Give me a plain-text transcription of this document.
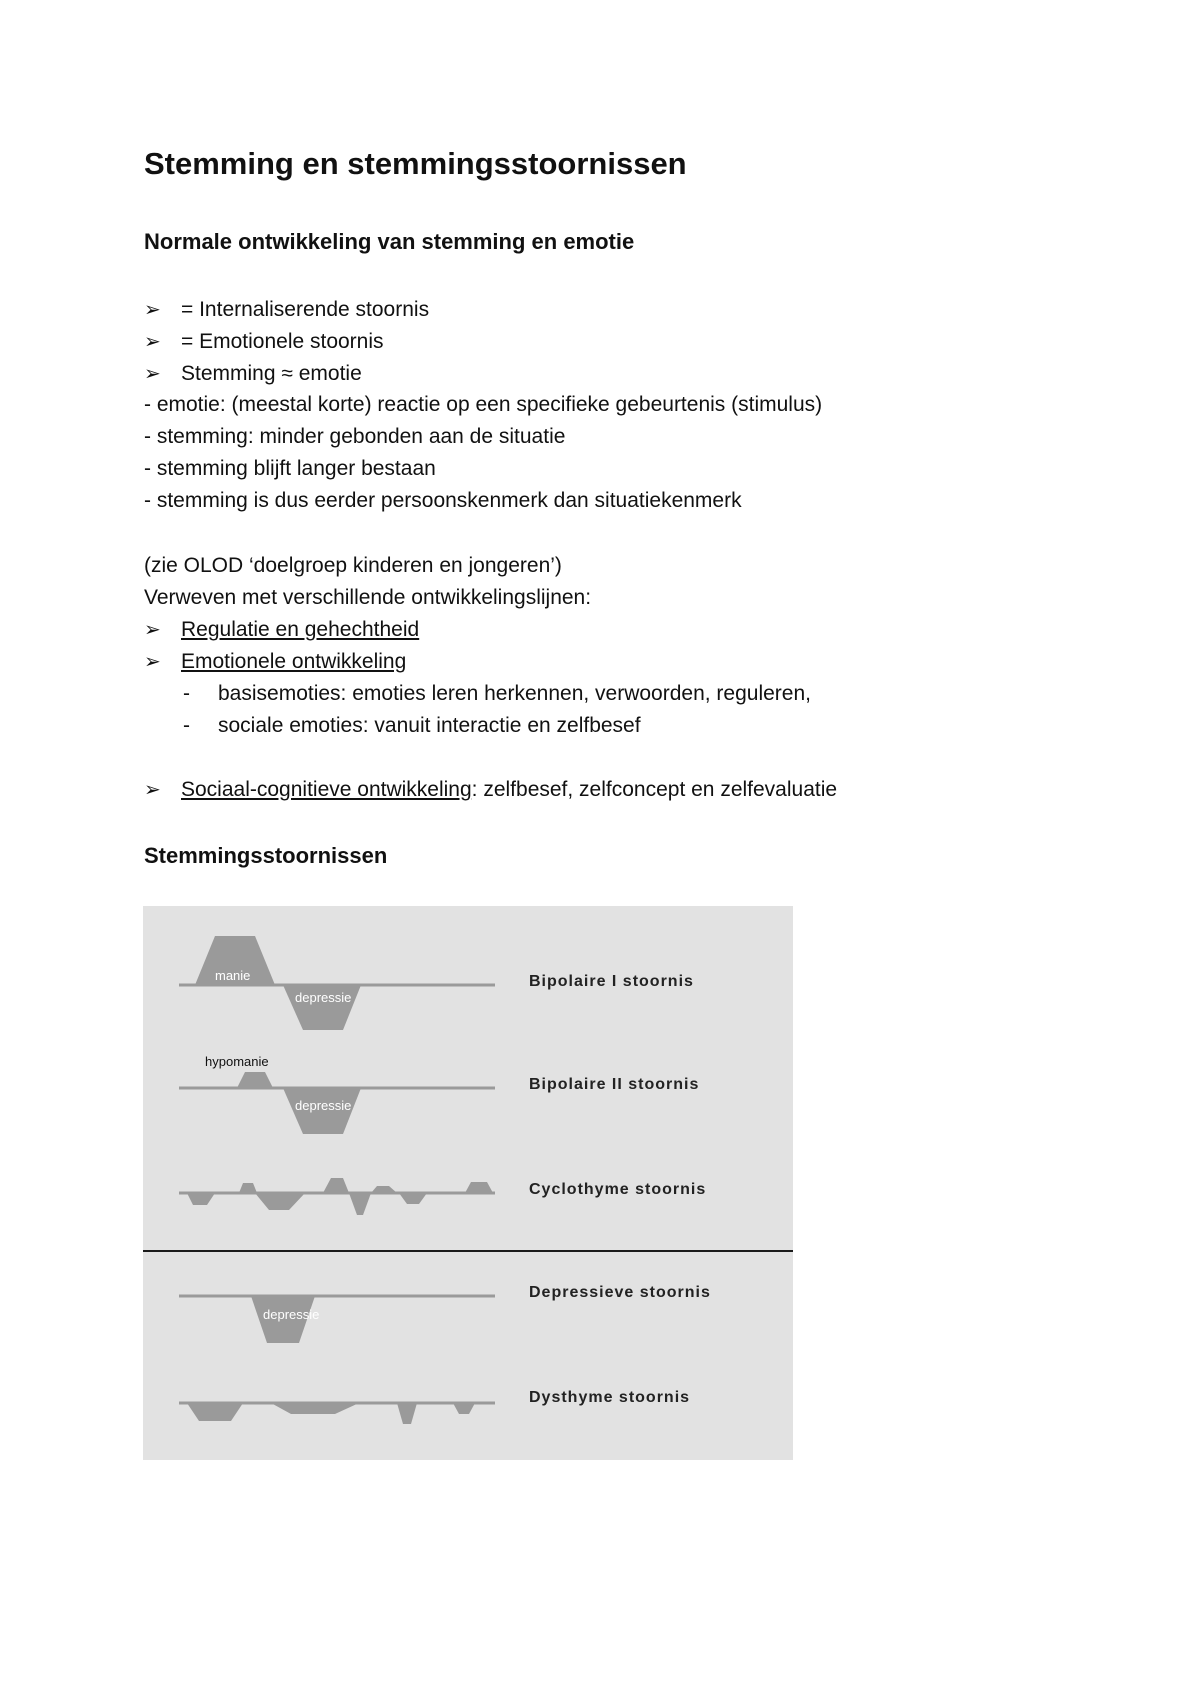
Stemming en stemmingsstoornissen
Normale ontwikkeling van stemming en emotie
➢ = Internaliserende stoornis
➢ = Emotionele stoornis
➢ Stemming ≈ emotie
- emotie: (meestal korte) reactie op een specifieke gebeurtenis (stimulus)
- stemming: minder gebonden aan de situatie
- stemming blijft langer bestaan
- stemming is dus eerder persoonskenmerk dan situatiekenmerk
(zie OLOD ‘doelgroep kinderen en jongeren’)
Verweven met verschillende ontwikkelingslijnen:
➢ Regulatie en gehechtheid
➢ Emotionele ontwikkeling
- basisemoties: emoties leren herkennen, verwoorden, reguleren,
- sociale emoties: vanuit interactie en zelfbesef
➢ Sociaal-cognitieve ontwikkeling: zelfbesef, zelfconcept en zelfevaluatie
Stemmingsstoornissen
manie
depressie
hypomanie
depressie
depressie
Bipolaire I stoornis
Bipolaire II stoornis
Cyclothyme stoornis
Depressieve stoornis
Dysthyme stoornis
